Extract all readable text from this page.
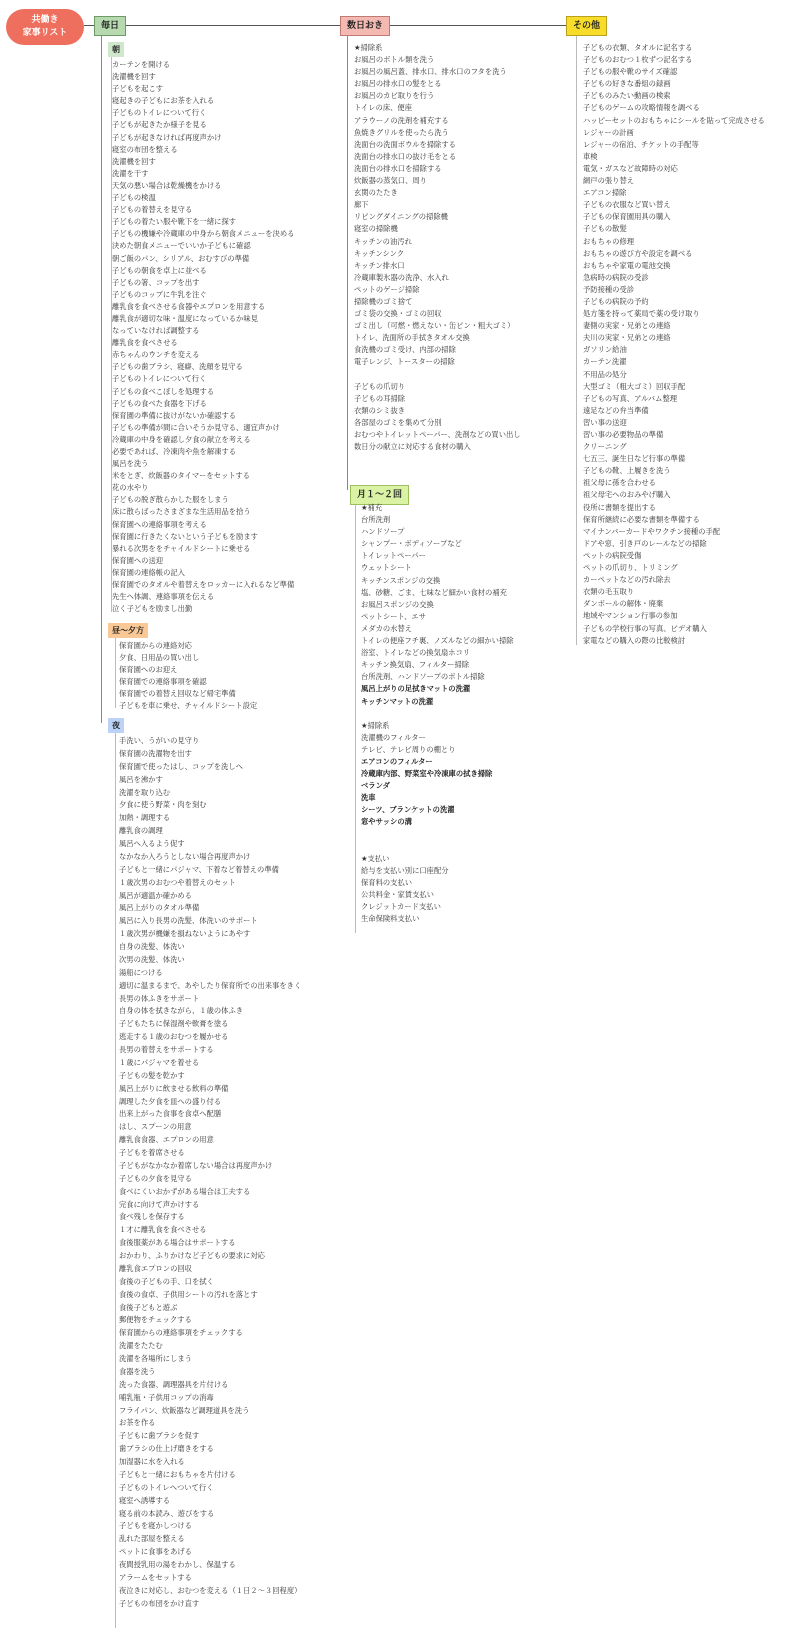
共働き
家事リスト
毎日	数日おき	その他
月１〜２回
朝
昼〜夕方
夜
カーテンを開ける
洗濯機を回す
子どもを起こす
寝起きの子どもにお茶を入れる
子どものトイレについて行く
子どもが起きたか様子を見る
子どもが起きなければ再度声かけ
寝室の布団を整える
洗濯機を回す
洗濯を干す
天気の悪い場合は乾燥機をかける
子どもの検温
子どもの着替えを見守る
子どもの着たい服や靴下を一緒に探す
子どもの機嫌や冷蔵庫の中身から朝食メニューを決める
決めた朝食メニューでいいか子どもに確認
朝ご飯のパン、シリアル、おむすびの準備
子どもの朝食を卓上に並べる
子どもの箸、コップを出す
子どものコップに牛乳を注ぐ
離乳食を食べさせる食器やエプロンを用意する
離乳食が適切な味・温度になっているか味見
なっていなければ調整する
離乳食を食べさせる
赤ちゃんのウンチを変える
子どもの歯ブラシ、寝癖、洗顔を見守る
子どものトイレについて行く
子どもの食べこぼしを処理する
子どもの食べた食器を下げる
保育園の準備に抜けがないか確認する
子どもの準備が間に合いそうか見守る、適宜声かけ
冷蔵庫の中身を確認し夕食の献立を考える
必要であれば、冷凍肉や魚を解凍する
風呂を洗う
米をとぎ、炊飯器のタイマーをセットする
花の水やり
子どもの脱ぎ散らかした服をしまう
床に散らばったさまざまな生活用品を拾う
保育園への連絡事項を考える
保育園に行きたくないという子どもを励ます
暴れる次男ををチャイルドシートに乗せる
保育園への送迎
保育園の連絡帳の記入
保育園でのタオルや着替えをロッカーに入れるなど準備
先生へ体調、連絡事項を伝える
泣く子どもを励まし出勤
保育園からの連絡対応
夕食、日用品の買い出し
保育園へのお迎え
保育園での連絡事項を確認
保育園での着替え回収など帰宅準備
子どもを車に乗せ、チャイルドシート設定
手洗い、うがいの見守り
保育園の洗濯物を出す
保育園で使ったはし、コップを洗しへ
風呂を沸かす
洗濯を取り込む
夕食に使う野菜・肉を刻む
加熱・調理する
離乳食の調理
風呂へ入るよう促す
なかなか入ろうとしない場合再度声かけ
子どもと一緒にパジャマ、下着など着替えの準備
１歳次男のおむつや着替えのセット
風呂が適温か確かめる
風呂上がりのタオル準備
風呂に入り長男の洗髪、体洗いのサポート
１歳次男が機嫌を損ねないようにあやす
自身の洗髪、体洗い
次男の洗髪、体洗い
湯船につける
適切に温まるまで、あやしたり保育所での出来事をきく
長男の体ふきをサポート
自身の体を拭きながら、１歳の体ふき
子どもたちに保湿剤や軟膏を塗る
逃走する１歳のおむつを履かせる
長男の着替えをサポートする
１歳にパジャマを着せる
子どもの髪を乾かす
風呂上がりに飲ませる飲料の準備
調理した夕食を皿への盛り付る
出来上がった食事を食卓へ配膳
はし、スプーンの用意
離乳食食器、エプロンの用意
子どもを着席させる
子どもがなかなか着席しない場合は再度声かけ
子どもの夕食を見守る
食べにくいおかずがある場合は工夫する
完食に向けて声かけする
食べ残しを保存する
１才に離乳食を食べさせる
食後服薬がある場合はサポートする
おかわり、ふりかけなど子どもの要求に対応
離乳食エプロンの回収
食後の子どもの手、口を拭く
食後の食卓、子供用シートの汚れを落とす
食後子どもと遊ぶ
郵便物をチェックする
保育園からの連絡事項をチェックする
洗濯をたたむ
洗濯を各場所にしまう
食器を洗う
洗った食器、調理器具を片付ける
哺乳瓶・子供用コップの消毒
フライパン、炊飯器など調理道具を洗う
お茶を作る
子どもに歯ブラシを促す
歯ブラシの仕上げ磨きをする
加湿器に水を入れる
子どもと一緒におもちゃを片付ける
子どものトイレへついて行く
寝室へ誘導する
寝る前の本読み、遊びをする
子どもを寝かしつける
乱れた部屋を整える
ペットに食事をあげる
夜間授乳用の湯をわかし、保温する
アラームをセットする
夜泣きに対応し、おむつを変える（１日２〜３回程度）
子どもの布団をかけ直す
★掃除系
お風呂のボトル類を洗う
お風呂の風呂蓋、排水口、排水口のフタを洗う
お風呂の排水口の髪をとる
お風呂のカビ取りを行う
トイレの床、便座
アラウーノの洗剤を補充する
魚焼きグリルを使ったら洗う
洗面台の洗面ボウルを掃除する
洗面台の排水口の抜け毛をとる
洗面台の排水口を掃除する
炊飯器の蒸気口、周り
玄関のたたき
廊下
リビングダイニングの掃除機
寝室の掃除機
キッチンの油汚れ
キッチンシンク
キッチン排水口
冷蔵庫製氷器の洗浄、水入れ
ペットのゲージ掃除
掃除機のゴミ捨て
ゴミ袋の交換・ゴミの回収
ゴミ出し（可燃・燃えない・缶ビン・粗大ゴミ）
トイレ、洗面所の手拭きタオル交換
食洗機のゴミ受け、内部の掃除
電子レンジ、トースターの掃除
子どもの爪切り
子どもの耳掃除
衣類のシミ抜き
各部屋のゴミを集めて分別
おむつやトイレットペーパー、洗剤などの買い出し
数日分の献立に対応する食材の購入
★補充
台所洗剤
ハンドソープ
シャンプー・ボディソープなど
トイレットペーパー
ウェットシート
キッチンスポンジの交換
塩、砂糖、ごま、七味など細かい食材の補充
お風呂スポンジの交換
ペットシート、エサ
メダカの水替え
トイレの便座フチ裏、ノズルなどの細かい掃除
浴室、トイレなどの換気扇ホコリ
キッチン換気扇、フィルター掃除
台所洗剤、ハンドソープのボトル掃除
風呂上がりの足拭きマットの洗濯
キッチンマットの洗濯
★掃除系
洗濯機のフィルター
テレビ、テレビ周りの棚とり
エアコンのフィルター
冷蔵庫内部、野菜室や冷凍庫の拭き掃除
ベランダ
洗車
シーツ、ブランケットの洗濯
窓やサッシの溝
★支払い
給与を支払い別に口座配分
保育料の支払い
公共料金・家賃支払い
クレジットカード支払い
生命保険料支払い
子どもの衣類、タオルに記名する
子どものおむつ１枚ずつ記名する
子どもの服や靴のサイズ確認
子どもの好きな番組の録画
子どものみたい動画の検索
子どものゲームの攻略情報を調べる
ハッピーセットのおもちゃにシールを貼って完成させる
レジャーの計画
レジャーの宿泊、チケットの手配等
車検
電気・ガスなど故障時の対応
網戸の張り替え
エアコン掃除
子どもの衣服など買い替え
子どもの保育園用具の購入
子どもの散髪
おもちゃの修理
おもちゃの遊び方や設定を調べる
おもちゃや家電の電池交換
急病時の病院の受診
予防接種の受診
子どもの病院の予約
処方箋を持って薬局で薬の受け取り
妻側の実家・兄弟との連絡
夫川の実家・兄弟との連絡
ガソリン給油
カーテン洗濯
不用品の処分
大型ゴミ（粗大ゴミ）回収手配
子どもの写真、アルバム整理
遠足などの弁当準備
習い事の送迎
習い事の必要物品の準備
クリーニング
七五三、誕生日など行事の準備
子どもの靴、上履きを洗う
祖父母に孫を合わせる
祖父母宅へのおみやげ購入
役所に書類を提出する
保育所継続に必要な書類を準備する
マイナンバーカードやワクチン接種の手配
ドアや窓、引き戸のレールなどの掃除
ペットの病院受傷
ペットの爪切り、トリミング
カーペットなどの汚れ除去
衣類の毛玉取り
ダンボールの解体・廃棄
地域やマンション行事の参加
子どもの学校行事の写真、ビデオ購入
家電などの購入の際の比較検討
